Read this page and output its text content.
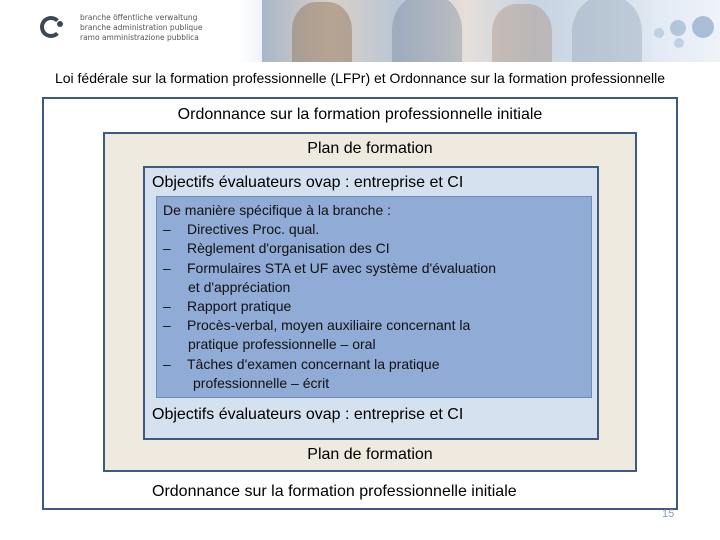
branche öffentliche verwaltung
branche administration publique
ramo amministrazione pubblica
Loi fédérale sur la formation professionnelle (LFPr) et Ordonnance sur la formation professionnelle
Ordonnance sur la formation professionnelle initiale
Plan de formation
Objectifs évaluateurs ovap : entreprise et CI
De manière spécifique à la branche :
–	Directives Proc. qual.
–	Règlement d'organisation des CI
–	Formulaires STA et UF avec système d'évaluation
et d'appréciation
–	Rapport pratique
–	Procès-verbal, moyen auxiliaire concernant la
pratique professionnelle – oral
–	Tâches d'examen concernant la pratique
professionnelle – écrit
Objectifs évaluateurs ovap : entreprise et CI
Plan de formation
Ordonnance sur la formation professionnelle initiale
15
